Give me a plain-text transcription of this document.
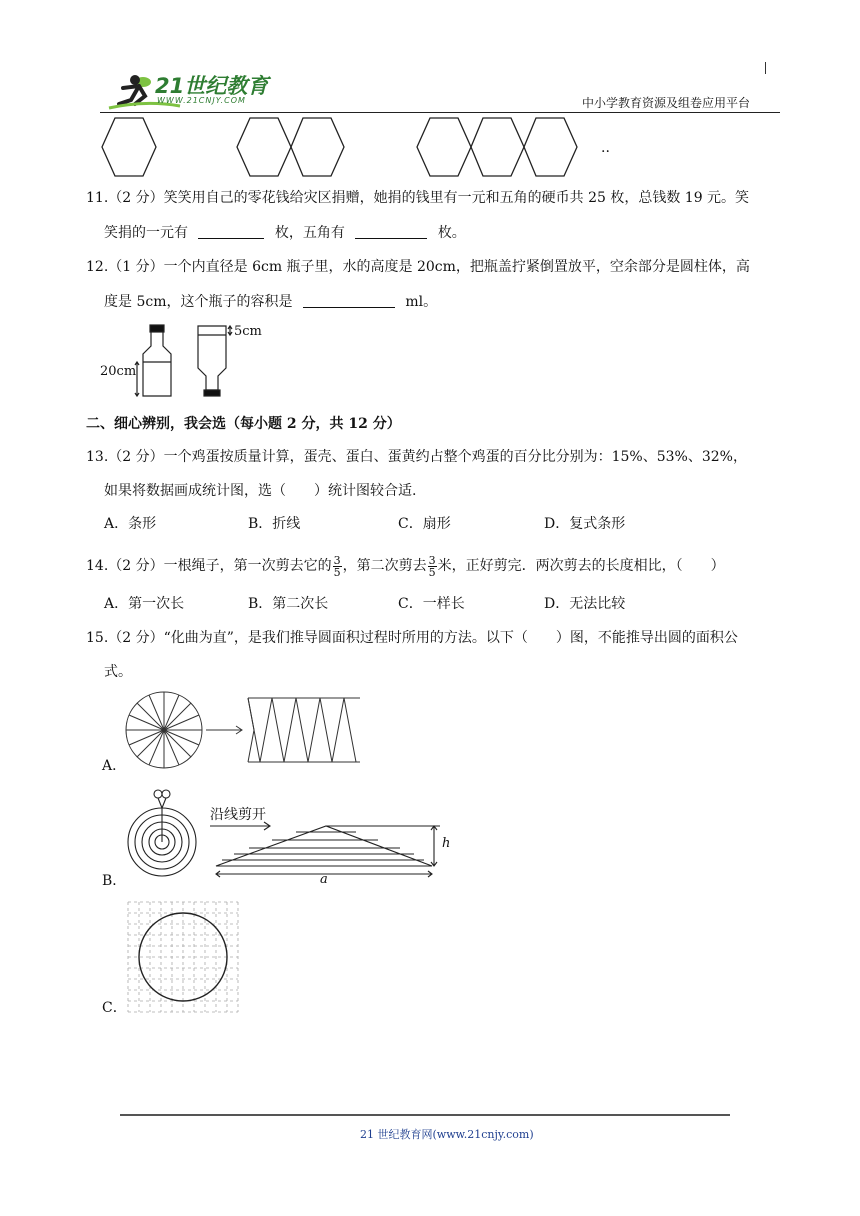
21世纪教育
WWW.21CNJY.COM	中小学教育资源及组卷应用平台
..
11.（2 分）笑笑用自己的零花钱给灾区捐赠，她捐的钱里有一元和五角的硬币共 25 枚，总钱数 19 元。笑
笑捐的一元有	枚，五角有	枚。
12.（1 分）一个内直径是 6cm 瓶子里，水的高度是 20cm，把瓶盖拧紧倒置放平，空余部分是圆柱体，高
度是 5cm，这个瓶子的容积是	ml。
20cm
5cm
二、细心辨别，我会选（每小题 2 分，共 12 分）
13.（2 分）一个鸡蛋按质量计算，蛋壳、蛋白、蛋黄约占整个鸡蛋的百分比分别为：15%、53%、32%，
如果将数据画成统计图，选（　　）统计图较合适.
A．条形	B．折线	C．扇形	D．复式条形
14.（2 分）一根绳子，第一次剪去它的 $\frac{3}{5}$ ，第二次剪去 $\frac{3}{5}$ 米，正好剪完．两次剪去的长度相比，（　　）
A．第一次长	B．第二次长	C．一样长	D．无法比较
15.（2 分）“化曲为直”，是我们推导圆面积过程时所用的方法。以下（　　）图，不能推导出圆的面积公
式。
A．
沿线剪开
h
a
B．
C．
21 世纪教育网(www.21cnjy.com)
